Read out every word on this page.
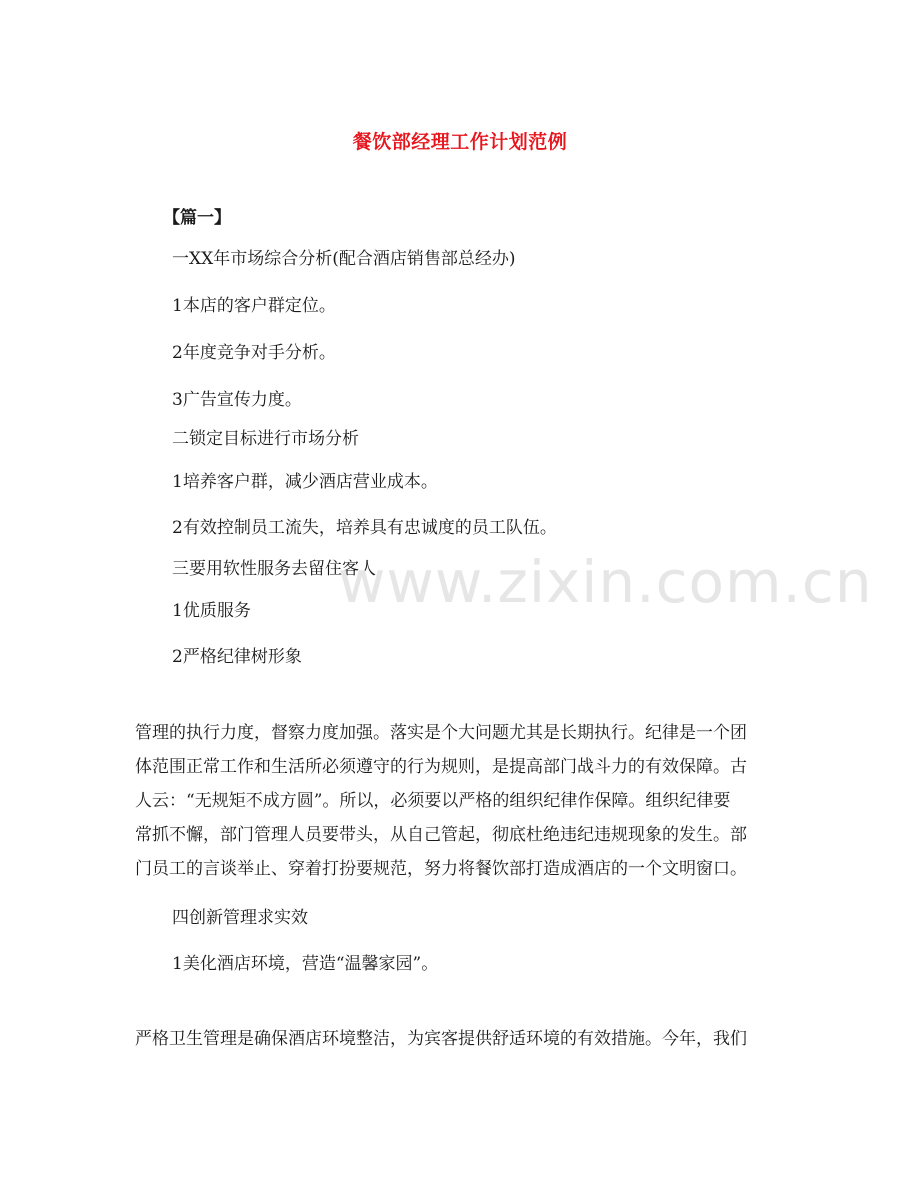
餐饮部经理工作计划范例
【篇一】
一XX年市场综合分析(配合酒店销售部总经办)
1本店的客户群定位。
2年度竞争对手分析。
3广告宣传力度。
二锁定目标进行市场分析
1培养客户群，减少酒店营业成本。
2有效控制员工流失，培养具有忠诚度的员工队伍。
三要用软性服务去留住客人
1优质服务
2严格纪律树形象
管理的执行力度，督察力度加强。落实是个大问题尤其是长期执行。纪律是一个团
体范围正常工作和生活所必须遵守的行为规则，是提高部门战斗力的有效保障。古
人云：“无规矩不成方圆”。所以，必须要以严格的组织纪律作保障。组织纪律要
常抓不懈，部门管理人员要带头，从自己管起，彻底杜绝违纪违规现象的发生。部
门员工的言谈举止、穿着打扮要规范，努力将餐饮部打造成酒店的一个文明窗口。
四创新管理求实效
1美化酒店环境，营造“温馨家园”。
严格卫生管理是确保酒店环境整洁，为宾客提供舒适环境的有效措施。今年，我们
www.zixin.com.cn
